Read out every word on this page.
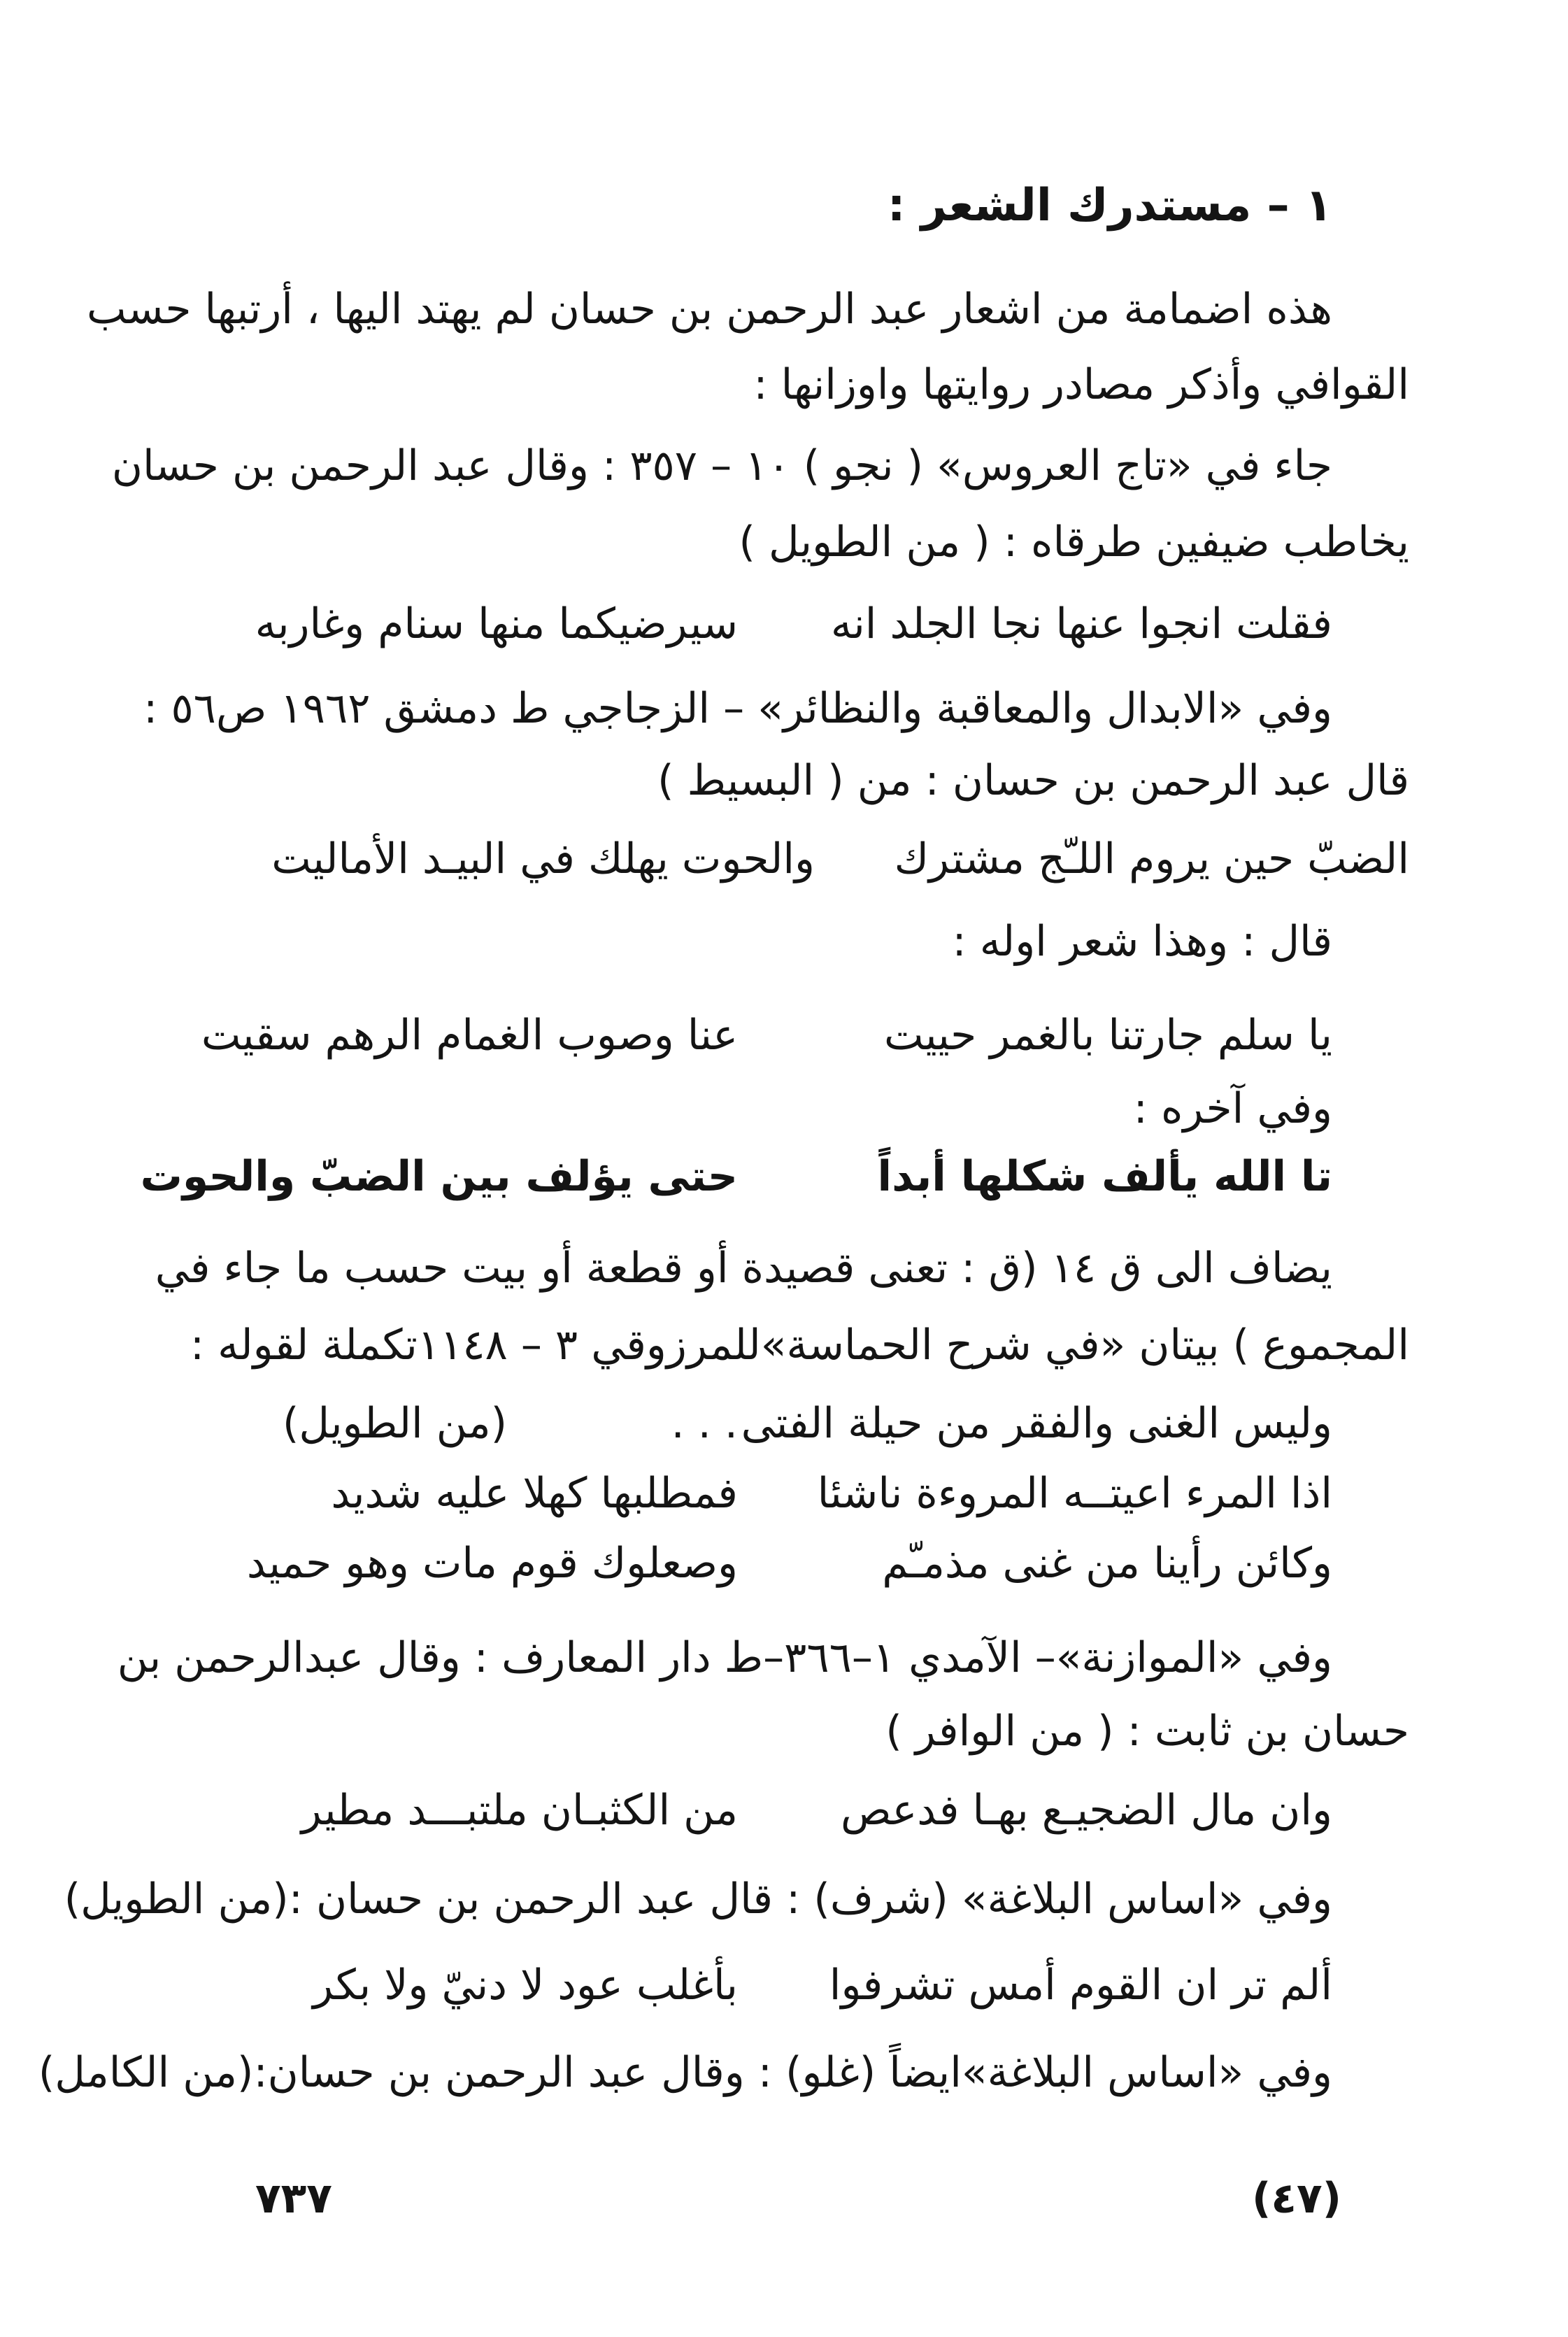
١ – مستدرك الشعر :
هذه اضمامة من اشعار عبد الرحمن بن حسان لم يهتد اليها ، أرتبها حسب
القوافي وأذكر مصادر روايتها واوزانها :
جاء في «تاج العروس» ( نجو ) ١٠ – ٣٥٧ : وقال عبد الرحمن بن حسان
يخاطب ضيفين طرقاه : ( من الطويل )
فقلت انجوا عنها نجا الجلد انهسيرضيكما منها سنام وغاربه
وفي «الابدال والمعاقبة والنظائر» – الزجاجي ط دمشق ١٩٦٢ ص٥٦ :
قال عبد الرحمن بن حسان : من ( البسيط )
الضبّ حين يروم اللـّج مشتركوالحوت يهلك في البيـد الأماليت
قال : وهذا شعر اوله :
يا سلم جارتنا بالغمر حييتعنا وصوب الغمام الرهم سقيت
وفي آخره :
تا الله يألف شكلها أبداًحتى يؤلف بين الضبّ والحوت
يضاف الى ق ١٤ (ق : تعنى قصيدة أو قطعة أو بيت حسب ما جاء في
المجموع ) بيتان «في شرح الحماسة»للمرزوقي ٣ – ١١٤٨تكملة لقوله :
وليس الغنى والفقر من حيلة الفتى. . .(من الطويل)
اذا المرء اعيتــه المروءة ناشئافمطلبها كهلا عليه شديد
وكائن رأينا من غنى مذمـّموصعلوك قوم مات وهو حميد
وفي «الموازنة»– الآمدي ١–٣٦٦–ط دار المعارف : وقال عبدالرحمن بن
حسان بن ثابت : ( من الوافر )
وان مال الضجيـع بهـا فدعصمن الكثبـان ملتبـــد مطير
وفي «اساس البلاغة» (شرف) : قال عبد الرحمن بن حسان :(من الطويل)
ألم تر ان القوم أمس تشرفوابأغلب عود لا دنيّ ولا بكر
وفي «اساس البلاغة»ايضاً (غلو) : وقال عبد الرحمن بن حسان:(من الكامل)
٧٣٧	(٤٧)
